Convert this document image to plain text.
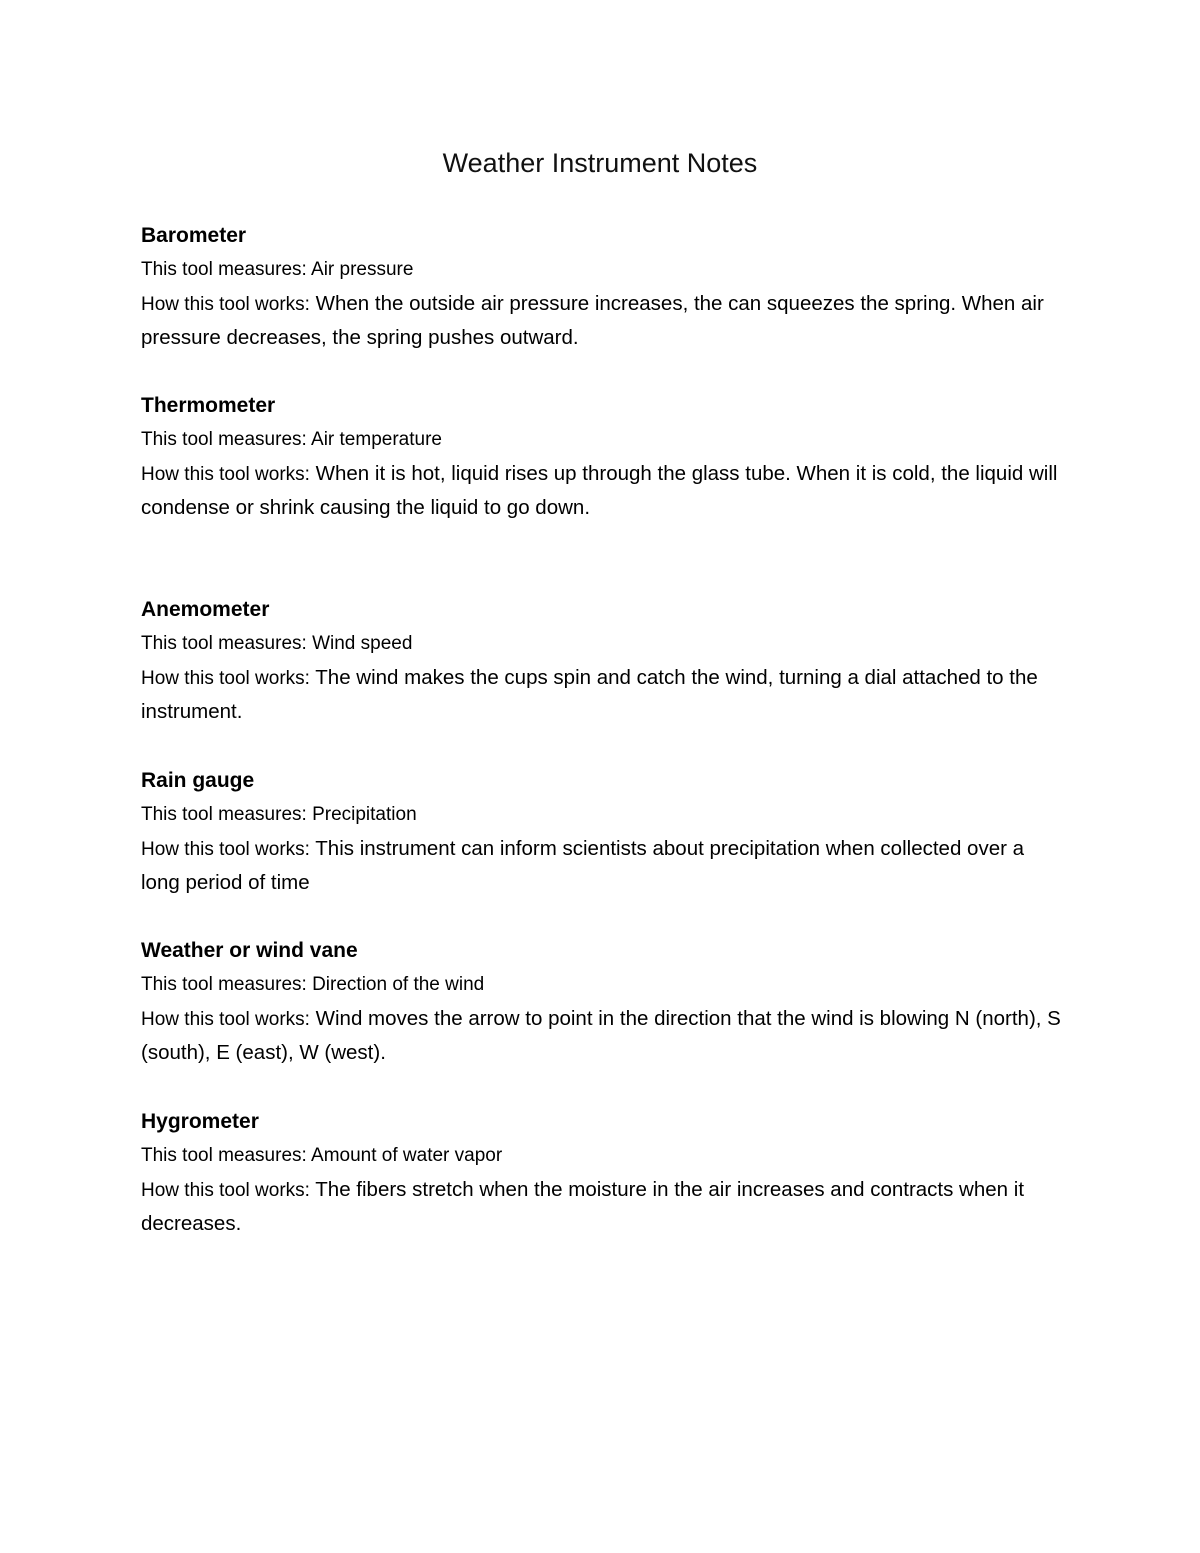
Weather Instrument Notes
Barometer
This tool measures: Air pressure

How this tool works: When the outside air pressure increases, the can squeezes the spring. When air pressure decreases, the spring pushes outward.

Thermometer
This tool measures: Air temperature

How this tool works: When it is hot, liquid rises up through the glass tube. When it is cold, the liquid will condense or shrink causing the liquid to go down.

Anemometer
This tool measures: Wind speed

How this tool works: The wind makes the cups spin and catch the wind, turning a dial attached to the instrument.

Rain gauge
This tool measures: Precipitation

How this tool works: This instrument can inform scientists about precipitation when collected over a long period of time

Weather or wind vane
This tool measures: Direction of the wind

How this tool works: Wind moves the arrow to point in the direction that the wind is blowing N (north), S (south), E (east), W (west).

Hygrometer
This tool measures: Amount of water vapor

How this tool works: The fibers stretch when the moisture in the air increases and contracts when it decreases.
